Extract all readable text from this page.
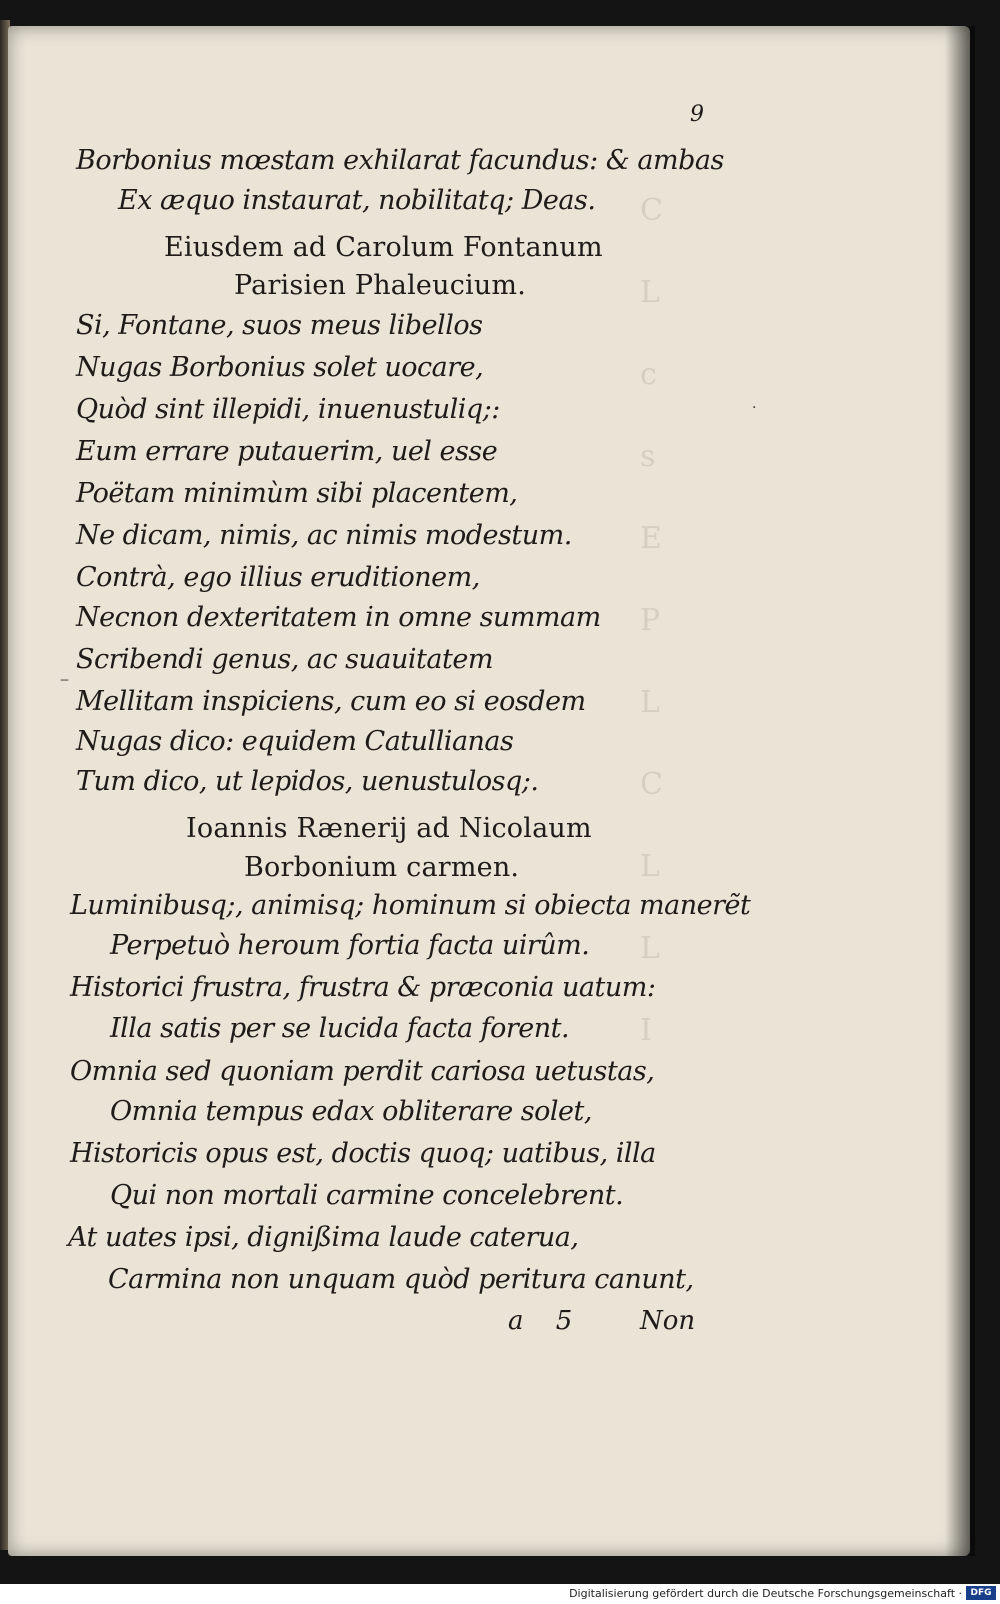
9
Borbonius mœstam exhilarat facundus: & ambas
Ex æquo instaurat, nobilitatq; Deas.
Eiusdem ad Carolum Fontanum
Parisien Phaleucium.
Si, Fontane, suos meus libellos
Nugas Borbonius solet uocare,
Quòd sint illepidi, inuenustuliq;:
Eum errare putauerim, uel esse
Poëtam minimùm sibi placentem,
Ne dicam, nimis, ac nimis modestum.
Contrà, ego illius eruditionem,
Necnon dexteritatem in omne summam
Scribendi genus, ac suauitatem
‒
Mellitam inspiciens, cum eo si eosdem
Nugas dico: equidem Catullianas
Tum dico, ut lepidos, uenustulosq;.
Ioannis Rænerij ad Nicolaum
Borbonium carmen.
Luminibusq;, animisq; hominum si obiecta manerẽt
Perpetuò heroum fortia facta uirûm.
Historici frustra, frustra & præconia uatum:
Illa satis per se lucida facta forent.
Omnia sed quoniam perdit cariosa uetustas,
Omnia tempus edax obliterare solet,
Historicis opus est, doctis quoq; uatibus, illa
Qui non mortali carmine concelebrent.
At uates ipsi, dignißima laude caterua,
Carmina non unquam quòd peritura canunt,
a 5	Non
·
Digitalisierung gefördert durch die Deutsche Forschungsgemeinschaft · DFG
